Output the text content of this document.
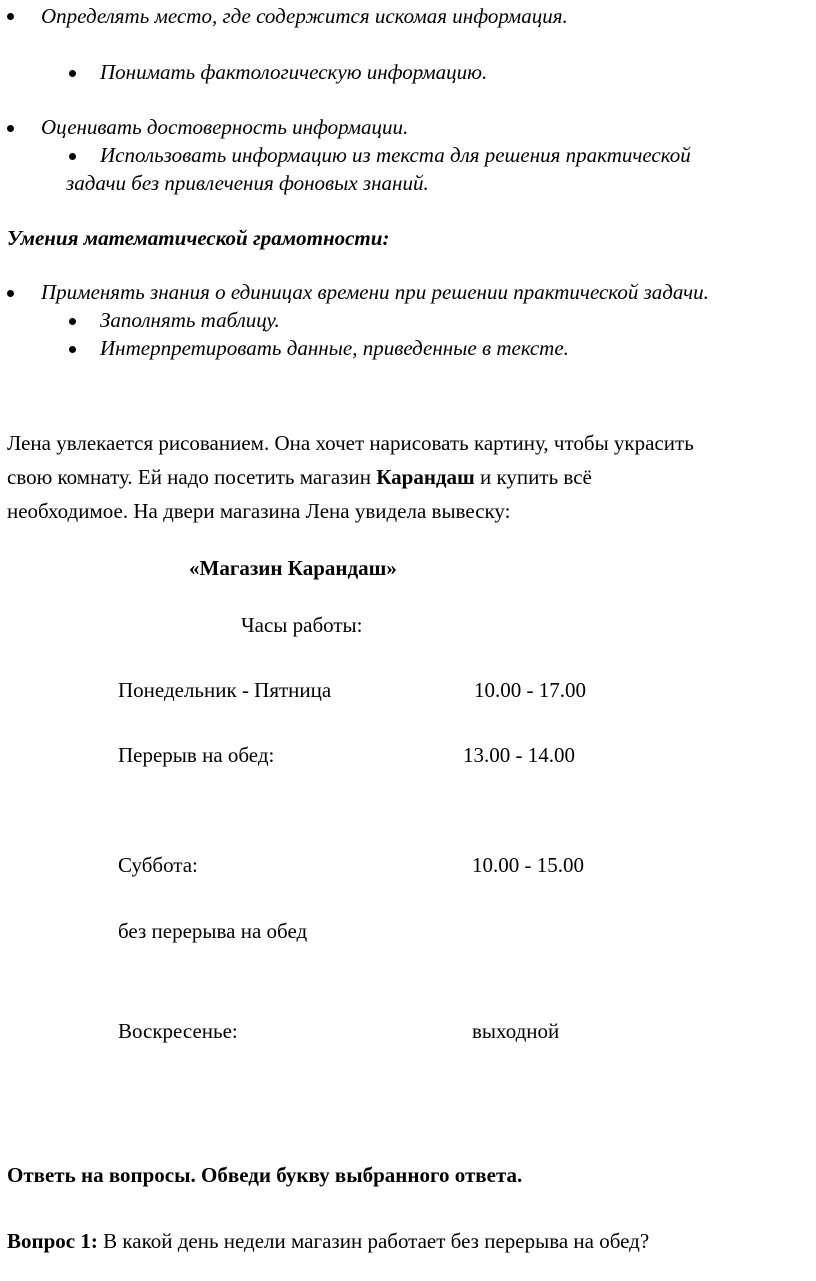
Определять место, где содержится искомая информация.
Понимать фактологическую информацию.
Оценивать достоверность информации.
Использовать информацию из текста для решения практической
задачи без привлечения фоновых знаний.
Умения математической грамотности:
Применять знания о единицах времени при решении практической задачи.
Заполнять таблицу.
Интерпретировать данные, приведенные в тексте.
Лена увлекается рисованием. Она хочет нарисовать картину, чтобы украсить
свою комнату. Ей надо посетить магазин Карандаш и купить всё
необходимое. На двери магазина Лена увидела вывеску:
«Магазин Карандаш»
Часы работы:
Понедельник - Пятница	10.00 - 17.00
Перерыв на обед:	13.00 - 14.00
Суббота:	10.00 - 15.00
без перерыва на обед
Воскресенье:	выходной
Ответь на вопросы. Обведи букву выбранного ответа.
Вопрос 1: В какой день недели магазин работает без перерыва на обед?
